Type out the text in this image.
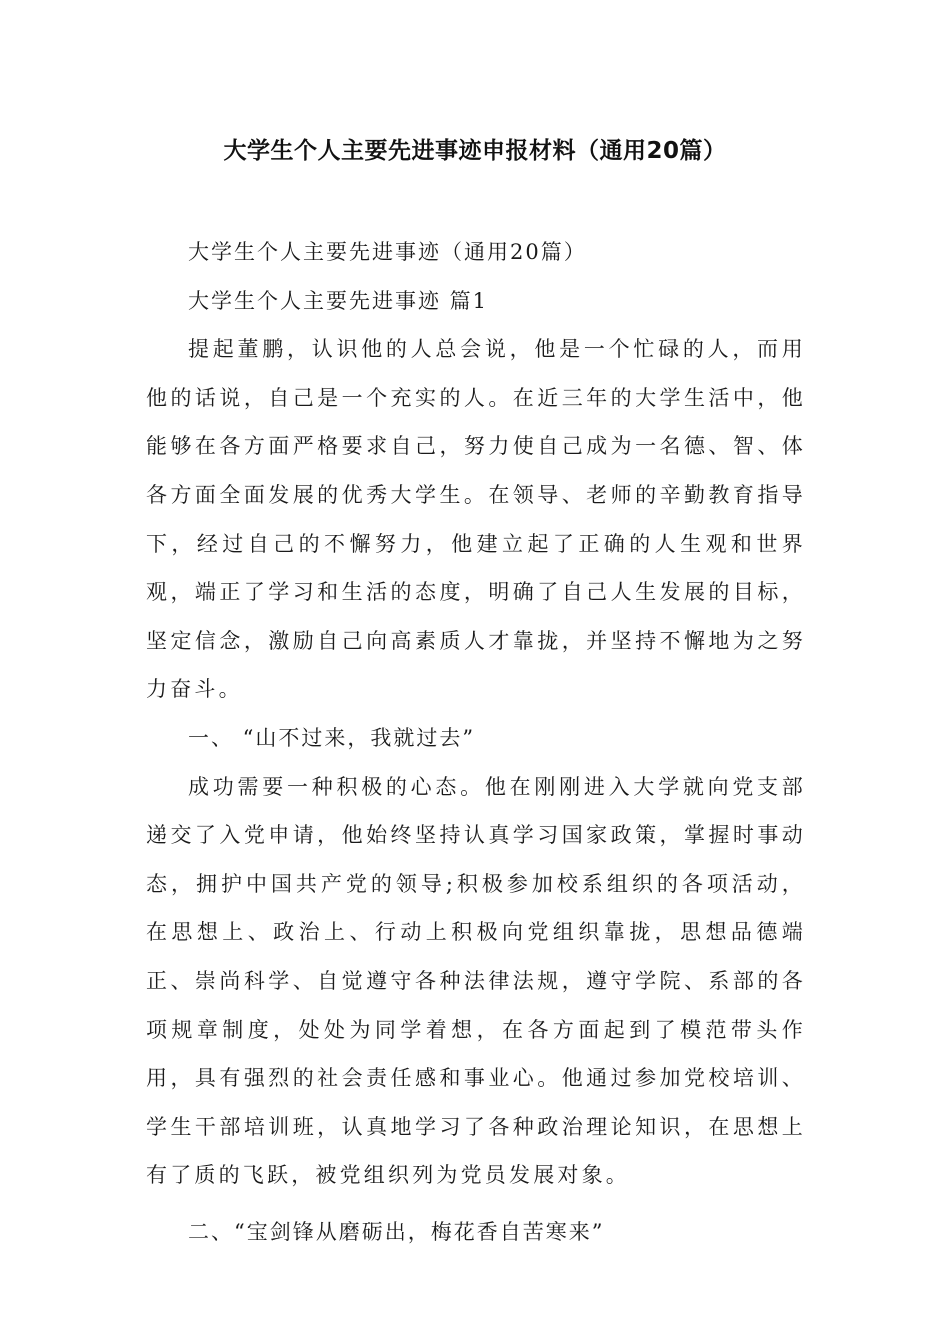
大学生个人主要先进事迹申报材料（通用20篇）

大学生个人主要先进事迹（通用20篇）

大学生个人主要先进事迹 篇1

提起董鹏，认识他的人总会说，他是一个忙碌的人，而用他的话说，自己是一个充实的人。在近三年的大学生活中，他能够在各方面严格要求自己，努力使自己成为一名德、智、体各方面全面发展的优秀大学生。在领导、老师的辛勤教育指导下，经过自己的不懈努力，他建立起了正确的人生观和世界观，端正了学习和生活的态度，明确了自己人生发展的目标，坚定信念，激励自己向高素质人才靠拢，并坚持不懈地为之努力奋斗。

一、 “山不过来，我就过去”

成功需要一种积极的心态。他在刚刚进入大学就向党支部递交了入党申请，他始终坚持认真学习国家政策，掌握时事动态，拥护中国共产党的领导;积极参加校系组织的各项活动，在思想上、政治上、行动上积极向党组织靠拢，思想品德端正、崇尚科学、自觉遵守各种法律法规，遵守学院、系部的各项规章制度，处处为同学着想，在各方面起到了模范带头作用，具有强烈的社会责任感和事业心。他通过参加党校培训、学生干部培训班，认真地学习了各种政治理论知识，在思想上有了质的飞跃，被党组织列为党员发展对象。

二、“宝剑锋从磨砺出，梅花香自苦寒来”
